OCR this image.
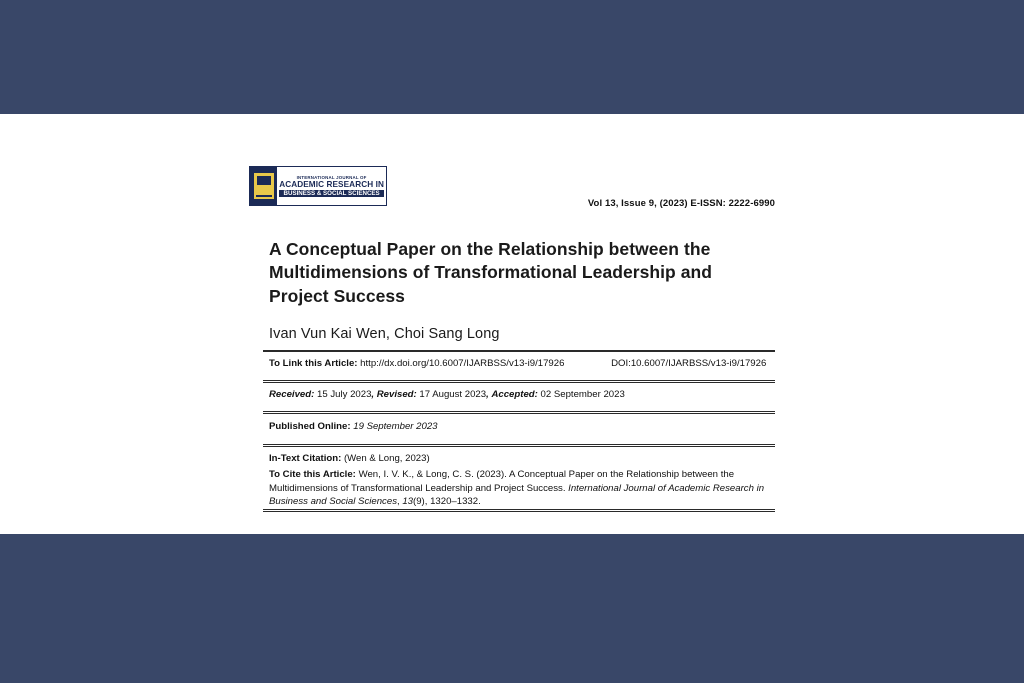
INTERNATIONAL JOURNAL OF
ACADEMIC RESEARCH IN
BUSINESS & SOCIAL SCIENCES
Vol 13, Issue 9, (2023) E-ISSN: 2222-6990
A Conceptual Paper on the Relationship between the Multidimensions of Transformational Leadership and Project Success
Ivan Vun Kai Wen, Choi Sang Long
To Link this Article: http://dx.doi.org/10.6007/IJARBSS/v13-i9/17926	DOI:10.6007/IJARBSS/v13-i9/17926
Received: 15 July 2023, Revised: 17 August 2023, Accepted: 02 September 2023
Published Online: 19 September 2023
In-Text Citation: (Wen & Long, 2023)
To Cite this Article: Wen, I. V. K., & Long, C. S. (2023). A Conceptual Paper on the Relationship between the Multidimensions of Transformational Leadership and Project Success. International Journal of Academic Research in Business and Social Sciences, 13(9), 1320–1332.
